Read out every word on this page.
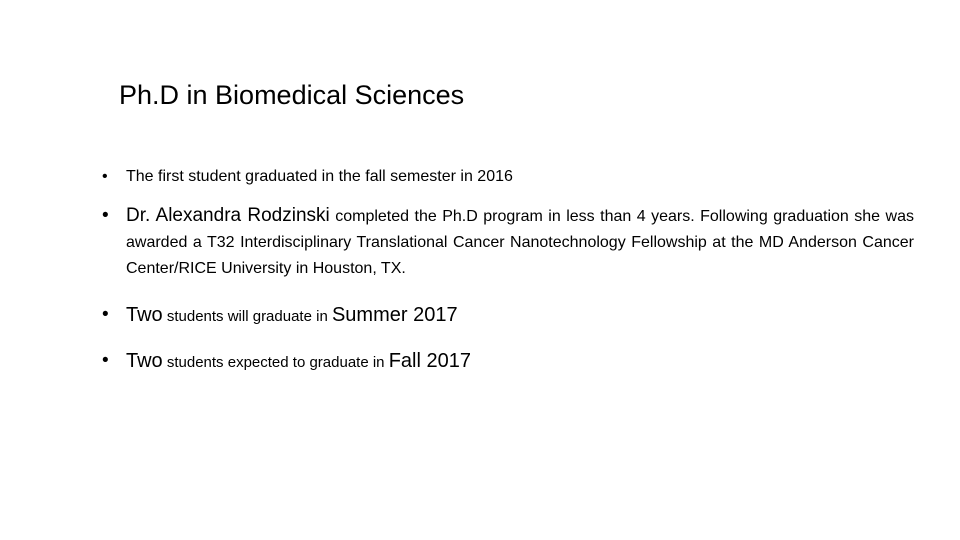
Ph.D in Biomedical Sciences
• The first student graduated in the fall semester in 2016
• Dr. Alexandra Rodzinski completed the Ph.D program in less than 4 years. Following graduation she was awarded a T32 Interdisciplinary Translational Cancer Nanotechnology Fellowship at the MD Anderson Cancer Center/RICE University in Houston, TX.
• Two students will graduate in Summer 2017
• Two students expected to graduate in Fall 2017
